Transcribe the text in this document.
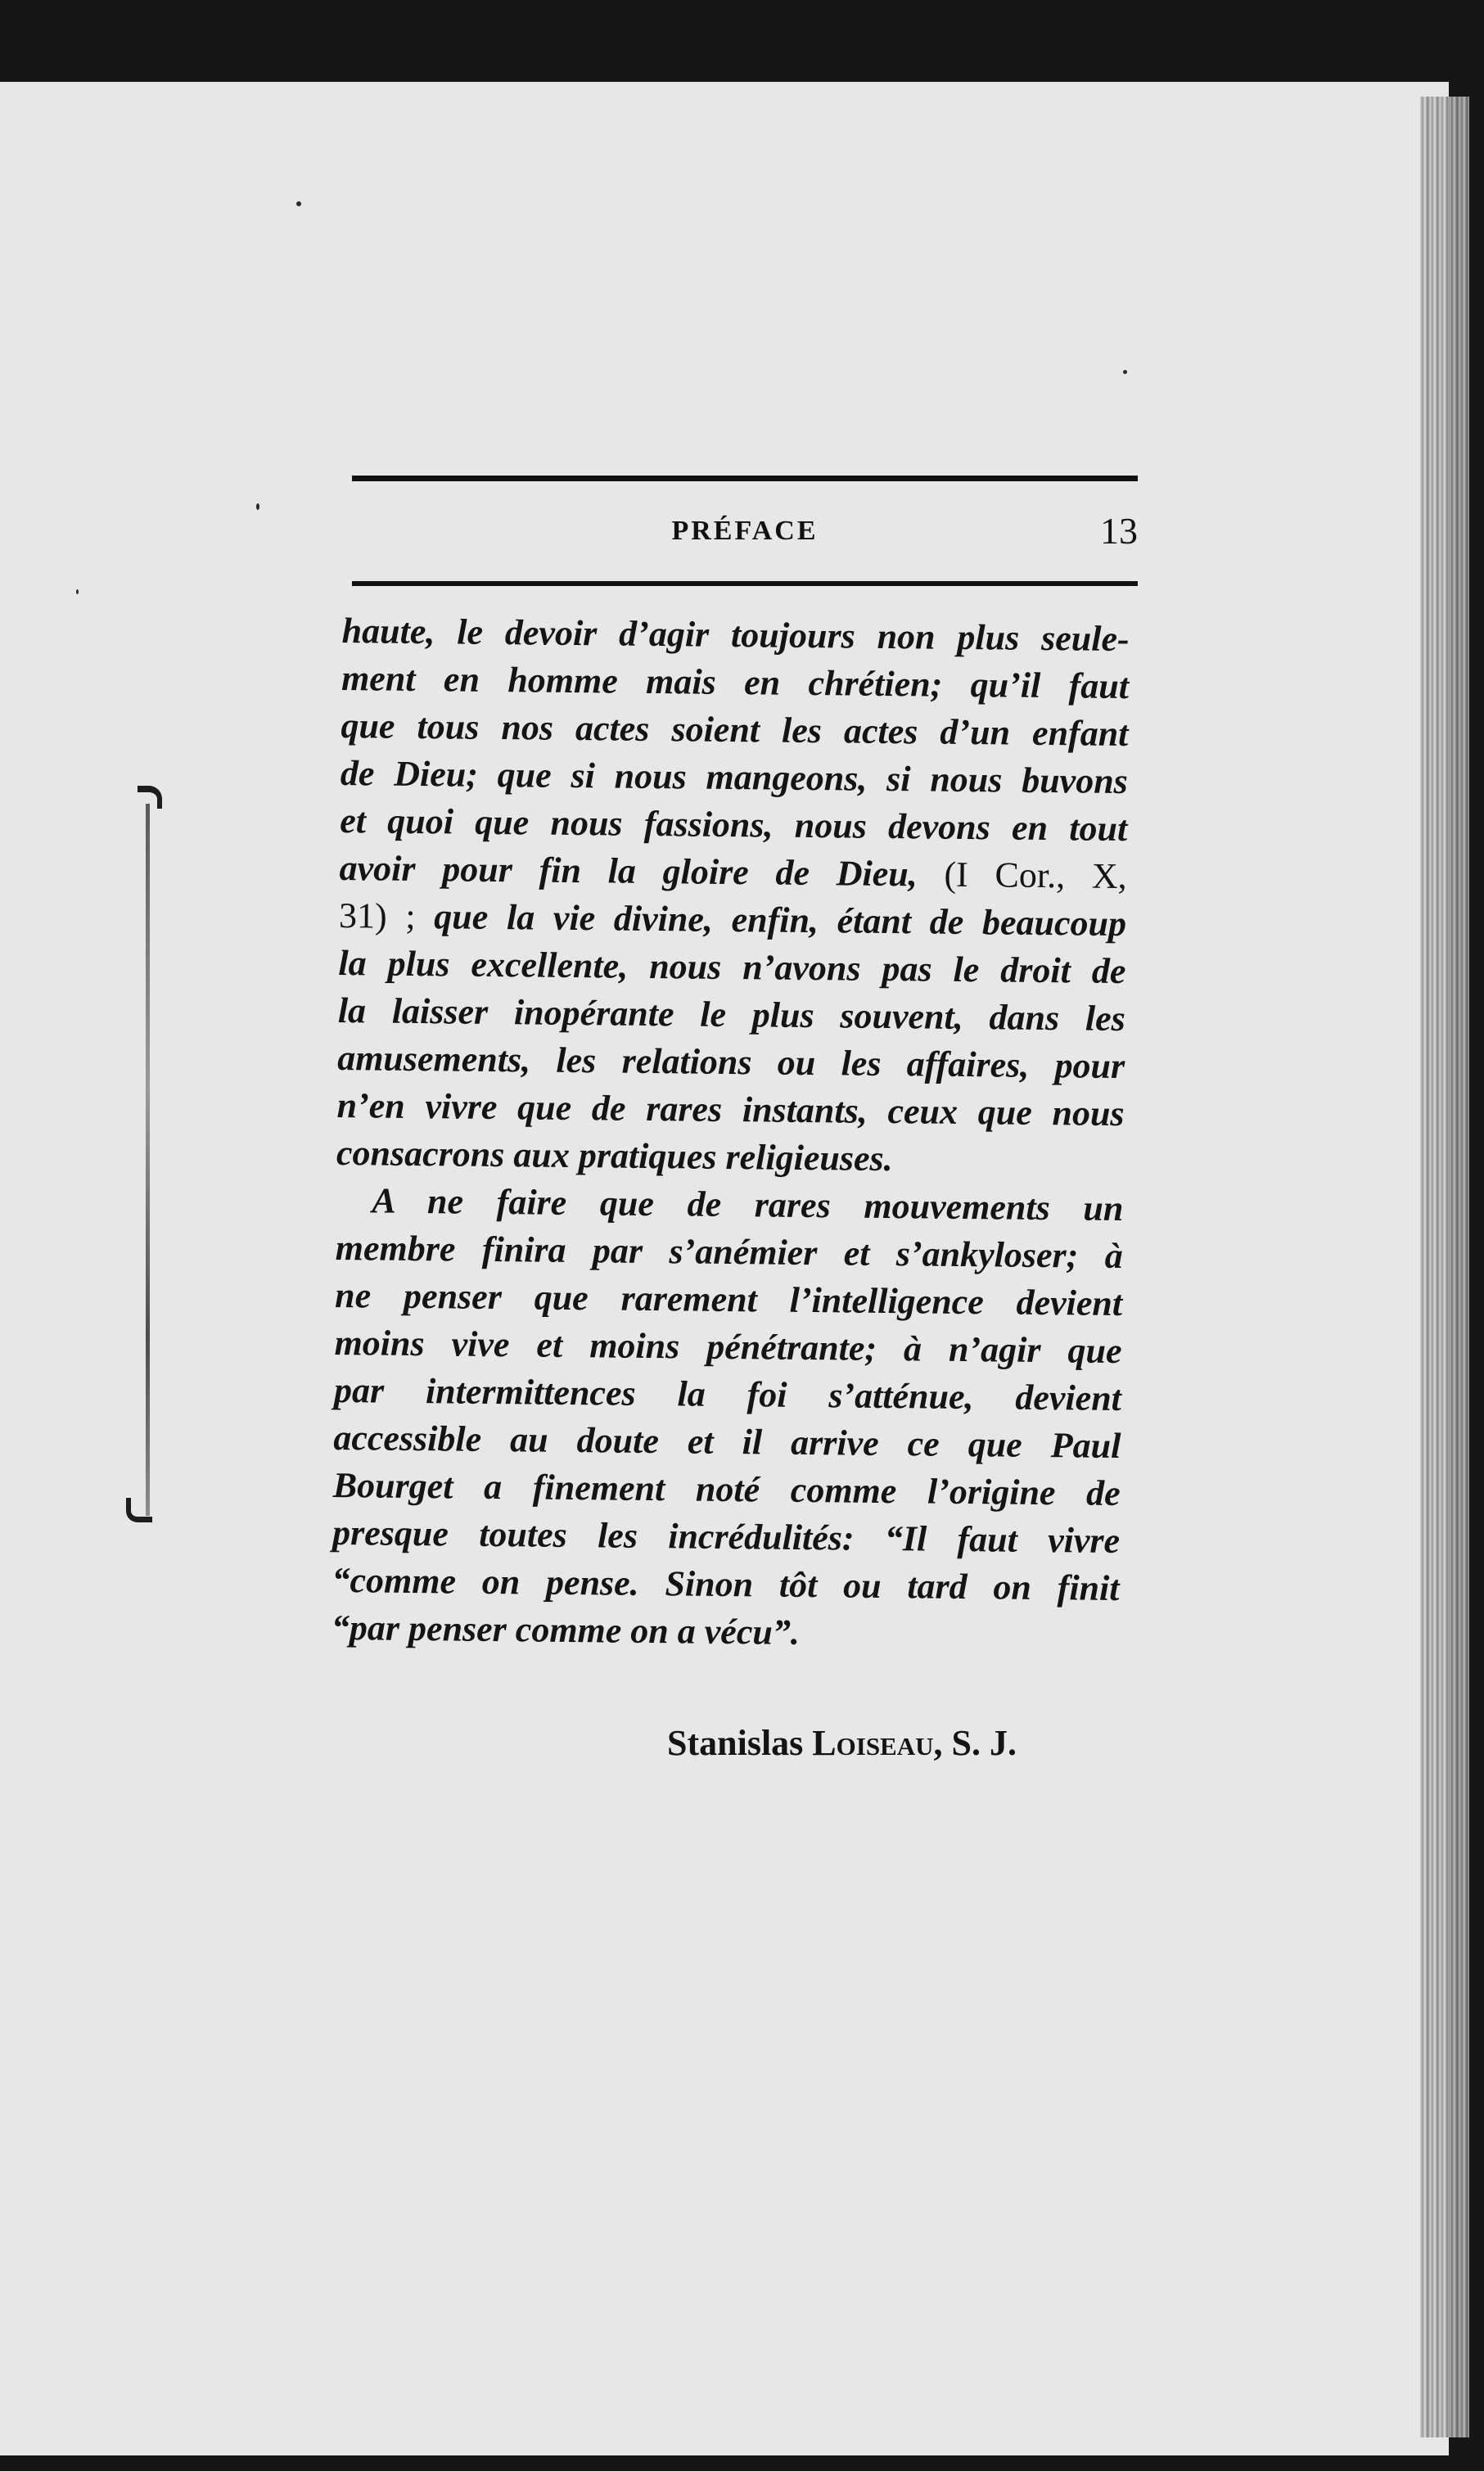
PRÉFACE	13
haute, le devoir d’agir toujours non plus seule-
ment en homme mais en chrétien; qu’il faut
que tous nos actes soient les actes d’un enfant
de Dieu; que si nous mangeons, si nous buvons
et quoi que nous fassions, nous devons en tout
avoir pour fin la gloire de Dieu, (I Cor., X,
31) ; que la vie divine, enfin, étant de beaucoup
la plus excellente, nous n’avons pas le droit de
la laisser inopérante le plus souvent, dans les
amusements, les relations ou les affaires, pour
n’en vivre que de rares instants, ceux que nous
consacrons aux pratiques religieuses.
A ne faire que de rares mouvements un
membre finira par s’anémier et s’ankyloser; à
ne penser que rarement l’intelligence devient
moins vive et moins pénétrante; à n’agir que
par intermittences la foi s’atténue, devient
accessible au doute et il arrive ce que Paul
Bourget a finement noté comme l’origine de
presque toutes les incrédulités: “Il faut vivre
“comme on pense. Sinon tôt ou tard on finit
“par penser comme on a vécu”.
Stanislas Loiseau, S. J.
